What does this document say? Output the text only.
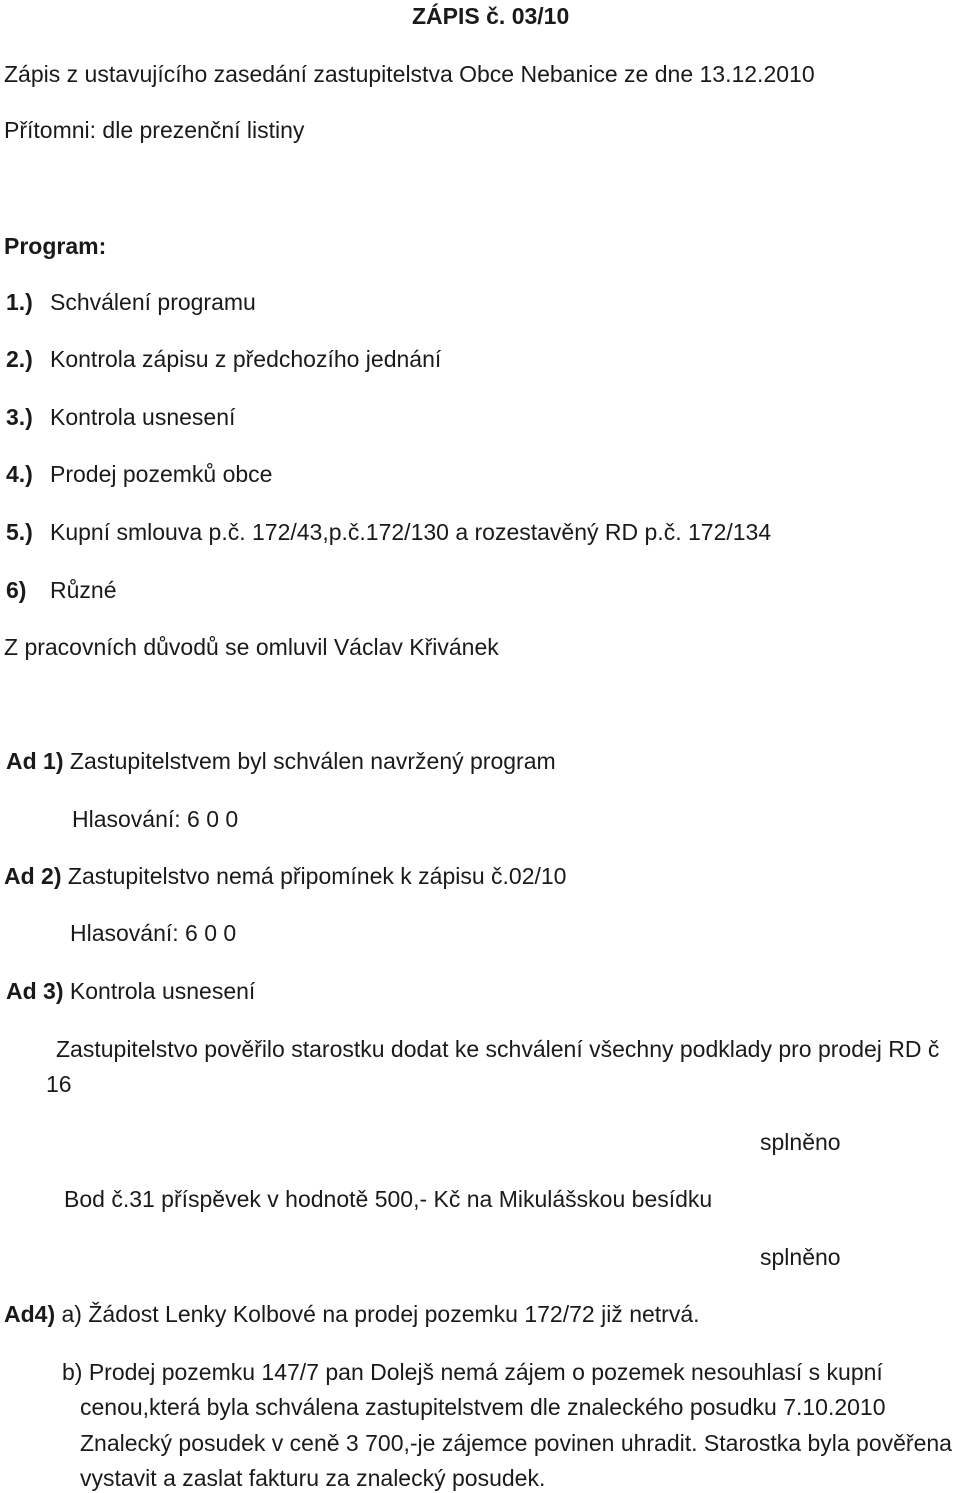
ZÁPIS č. 03/10
Zápis z ustavujícího zasedání zastupitelstva Obce Nebanice ze dne 13.12.2010
Přítomni: dle prezenční listiny
Program:
1.) Schválení programu
2.) Kontrola zápisu z předchozího jednání
3.) Kontrola usnesení
4.) Prodej pozemků obce
5.) Kupní smlouva p.č. 172/43,p.č.172/130 a rozestavěný RD p.č. 172/134
6) Různé
Z pracovních důvodů se omluvil Václav Křivánek
Ad 1) Zastupitelstvem byl schválen navržený program
Hlasování: 6 0 0
Ad 2) Zastupitelstvo nemá připomínek k zápisu č.02/10
Hlasování: 6 0 0
Ad 3) Kontrola usnesení
Zastupitelstvo pověřilo starostku dodat ke schválení všechny podklady pro prodej RD č
16
splněno
Bod č.31 příspěvek v hodnotě 500,- Kč na Mikulášskou besídku
splněno
Ad4) a) Žádost Lenky Kolbové na prodej pozemku 172/72 již netrvá.
b) Prodej pozemku 147/7 pan Dolejš nemá zájem o pozemek nesouhlasí s kupní
cenou,která byla schválena zastupitelstvem dle znaleckého posudku 7.10.2010
Znalecký posudek v ceně 3 700,-je zájemce povinen uhradit. Starostka byla pověřena
vystavit a zaslat fakturu za znalecký posudek.
